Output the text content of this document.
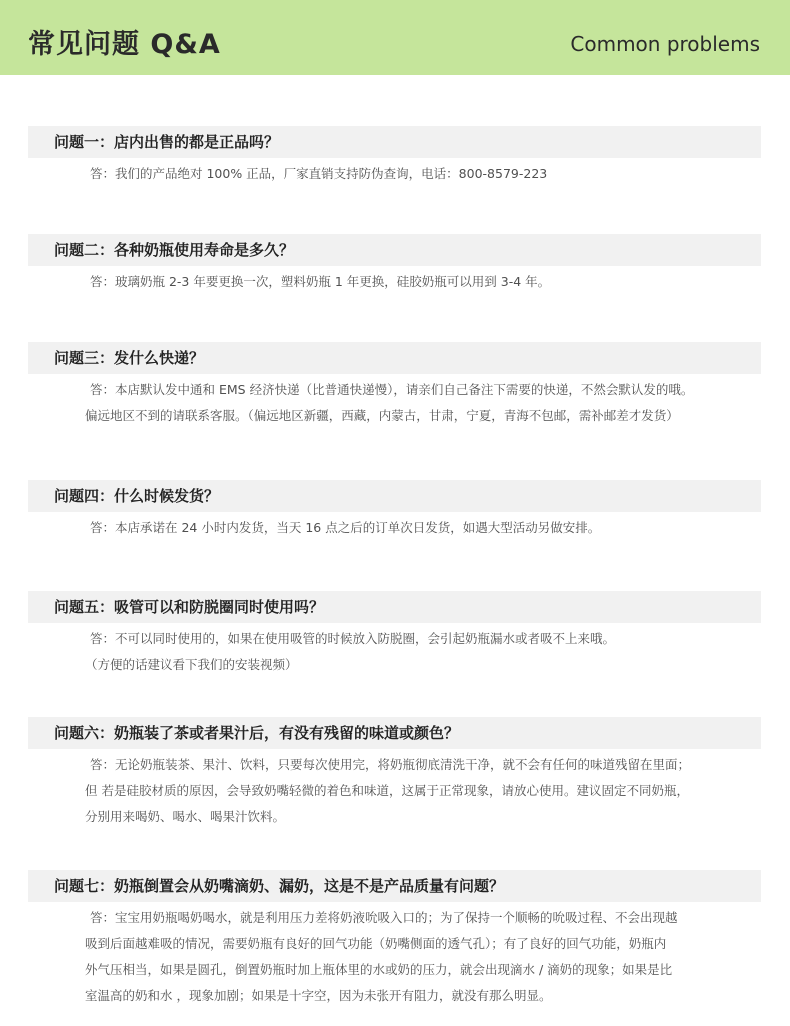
常见问题 Q&A	Common problems
问题一：店内出售的都是正品吗？
答：我们的产品绝对 100% 正品，厂家直销支持防伪查询，电话：800-8579-223
问题二：各种奶瓶使用寿命是多久？
答：玻璃奶瓶 2-3 年要更换一次，塑料奶瓶 1 年更换，硅胶奶瓶可以用到 3-4 年。
问题三：发什么快递？
答：本店默认发中通和 EMS 经济快递（比普通快递慢），请亲们自己备注下需要的快递，不然会默认发的哦。
偏远地区不到的请联系客服。（偏远地区新疆，西藏，内蒙古，甘肃，宁夏，青海不包邮，需补邮差才发货）
问题四：什么时候发货？
答：本店承诺在 24 小时内发货，当天 16 点之后的订单次日发货，如遇大型活动另做安排。
问题五：吸管可以和防脱圈同时使用吗？
答：不可以同时使用的，如果在使用吸管的时候放入防脱圈，会引起奶瓶漏水或者吸不上来哦。
（方便的话建议看下我们的安装视频）
问题六：奶瓶装了茶或者果汁后，有没有残留的味道或颜色？
答：无论奶瓶装茶、果汁、饮料，只要每次使用完，将奶瓶彻底清洗干净，就不会有任何的味道残留在里面；
但 若是硅胶材质的原因，会导致奶嘴轻微的着色和味道，这属于正常现象，请放心使用。建议固定不同奶瓶，
分别用来喝奶、喝水、喝果汁饮料。
问题七：奶瓶倒置会从奶嘴滴奶、漏奶，这是不是产品质量有问题？
答：宝宝用奶瓶喝奶喝水，就是利用压力差将奶液吮吸入口的；为了保持一个顺畅的吮吸过程、不会出现越
吸到后面越难吸的情况，需要奶瓶有良好的回气功能（奶嘴侧面的透气孔）；有了良好的回气功能，奶瓶内
外气压相当，如果是圆孔，倒置奶瓶时加上瓶体里的水或奶的压力，就会出现滴水 / 滴奶的现象；如果是比
室温高的奶和水 ，现象加剧；如果是十字空，因为未张开有阻力，就没有那么明显。
